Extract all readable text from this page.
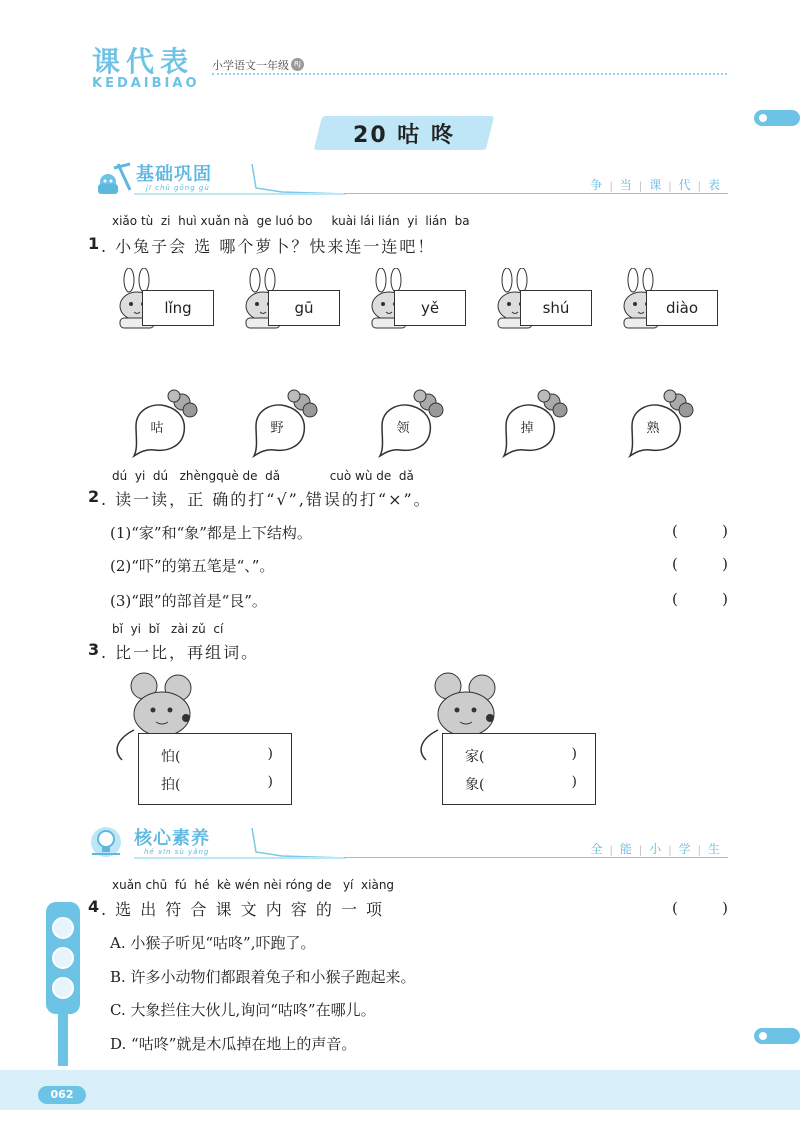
课代表
KEDAIBIAO
小学语文一年级 RJ
20 咕 咚
基础巩固
jī chǔ gǒng gù	争 | 当 | 课 | 代 | 表
xiǎo tù  zi  huì xuǎn nà  ge luó bo     kuài lái lián  yi  lián  ba
1 . 小兔子会 选 哪个萝卜？快来连一连吧！
lǐng	gū	yě	shú	diào
咕	野	领	掉	熟
dú  yi  dú   zhèngquè de  dǎ             cuò wù de  dǎ
2 . 读一读，正 确的打“√”,错误的打“×”。
(1)“家”和“象”都是上下结构。	(	)
(2)“吓”的第五笔是“、”。	(	)
(3)“跟”的部首是“艮”。	(	)
bǐ  yi  bǐ   zài zǔ  cí
3 . 比一比，再组词。
怕(	)
拍(	)
家(	)
象(	)
核心素养
hé xīn sù yǎng	全 | 能 | 小 | 学 | 生
xuǎn chū  fú  hé  kè wén nèi róng de   yí  xiàng
4 . 选 出 符 合 课 文 内 容 的 一 项	(	)
A. 小猴子听见“咕咚”,吓跑了。
B. 许多小动物们都跟着兔子和小猴子跑起来。
C. 大象拦住大伙儿,询问“咕咚”在哪儿。
D. “咕咚”就是木瓜掉在地上的声音。
062
